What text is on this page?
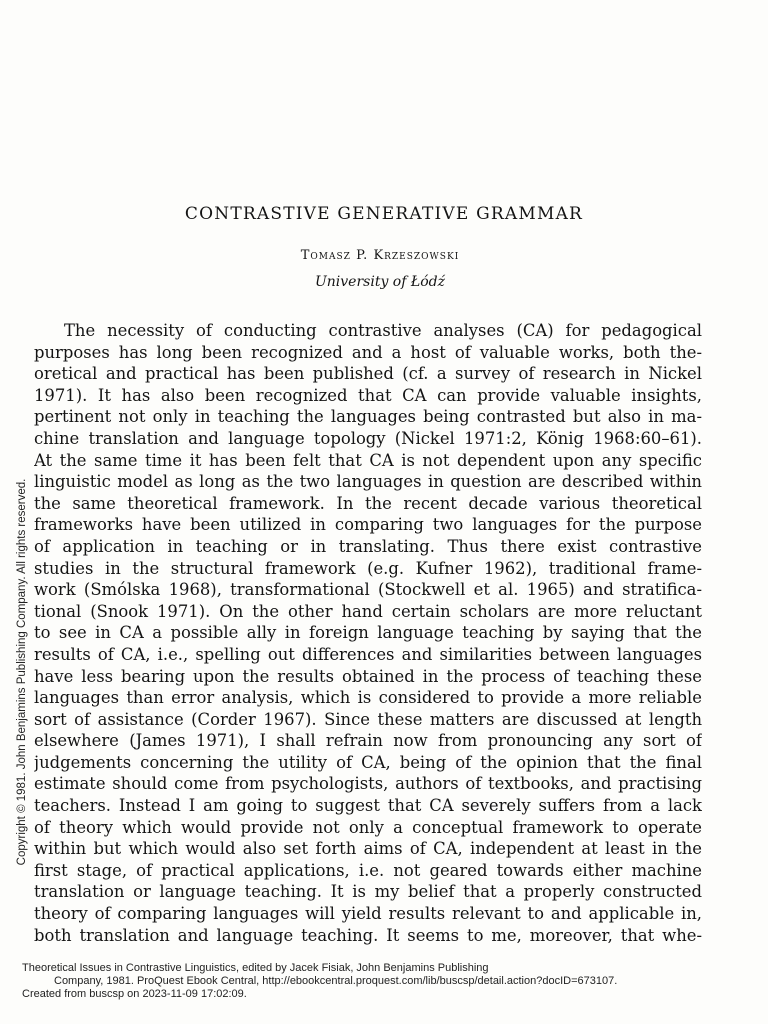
CONTRASTIVE GENERATIVE GRAMMAR
Tomasz P. Krzeszowski
University of Łódź
The necessity of conducting contrastive analyses (CA) for pedagogical
purposes has long been recognized and a host of valuable works, both the-
oretical and practical has been published (cf. a survey of research in Nickel
1971). It has also been recognized that CA can provide valuable insights,
pertinent not only in teaching the languages being contrasted but also in ma-
chine translation and language topology (Nickel 1971:2, König 1968:60–61).
At the same time it has been felt that CA is not dependent upon any specific
linguistic model as long as the two languages in question are described within
the same theoretical framework. In the recent decade various theoretical
frameworks have been utilized in comparing two languages for the purpose
of application in teaching or in translating. Thus there exist contrastive
studies in the structural framework (e.g. Kufner 1962), traditional frame-
work (Smólska 1968), transformational (Stockwell et al. 1965) and stratifica-
tional (Snook 1971). On the other hand certain scholars are more reluctant
to see in CA a possible ally in foreign language teaching by saying that the
results of CA, i.e., spelling out differences and similarities between languages
have less bearing upon the results obtained in the process of teaching these
languages than error analysis, which is considered to provide a more reliable
sort of assistance (Corder 1967). Since these matters are discussed at length
elsewhere (James 1971), I shall refrain now from pronouncing any sort of
judgements concerning the utility of CA, being of the opinion that the final
estimate should come from psychologists, authors of textbooks, and practising
teachers. Instead I am going to suggest that CA severely suffers from a lack
of theory which would provide not only a conceptual framework to operate
within but which would also set forth aims of CA, independent at least in the
first stage, of practical applications, i.e. not geared towards either machine
translation or language teaching. It is my belief that a properly constructed
theory of comparing languages will yield results relevant to and applicable in,
both translation and language teaching. It seems to me, moreover, that whe-
Copyright © 1981. John Benjamins Publishing Company. All rights reserved.
Theoretical Issues in Contrastive Linguistics, edited by Jacek Fisiak, John Benjamins Publishing
Company, 1981. ProQuest Ebook Central, http://ebookcentral.proquest.com/lib/buscsp/detail.action?docID=673107.
Created from buscsp on 2023-11-09 17:02:09.
